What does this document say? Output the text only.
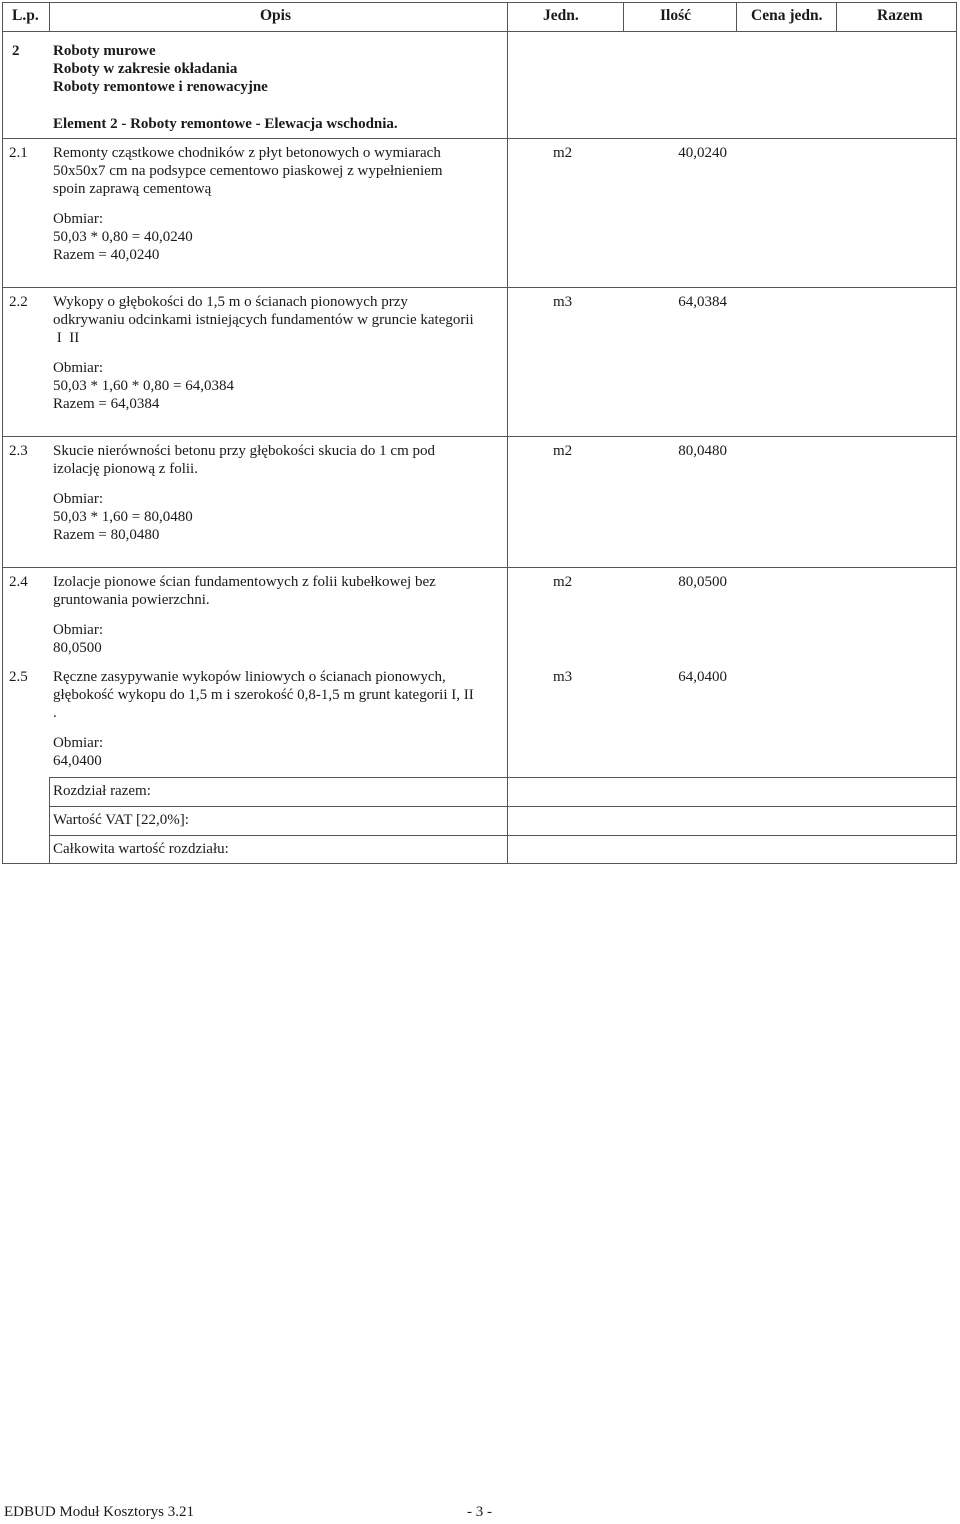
L.p.	Opis	Jedn.	Ilość	Cena jedn.	Razem
2 Roboty murowe
Roboty w zakresie okładania
Roboty remontowe i renowacyjne
Element 2 - Roboty remontowe - Elewacja wschodnia.
2.1 Remonty cząstkowe chodników z płyt betonowych o wymiarach
50x50x7 cm na podsypce cementowo piaskowej z wypełnieniem
spoin zaprawą cementową
Obmiar:
50,03 * 0,80 = 40,0240
Razem = 40,0240
m2	40,0240
2.2 Wykopy o głębokości do 1,5 m o ścianach pionowych przy
odkrywaniu odcinkami istniejących fundamentów w gruncie kategorii
I  II
Obmiar:
50,03 * 1,60 * 0,80 = 64,0384
Razem = 64,0384
m3	64,0384
2.3 Skucie nierówności betonu przy głębokości skucia do 1 cm pod
izolację pionową z folii.
Obmiar:
50,03 * 1,60 = 80,0480
Razem = 80,0480
m2	80,0480
2.4 Izolacje pionowe ścian fundamentowych z folii kubełkowej bez
gruntowania powierzchni.
Obmiar:
80,0500
m2	80,0500
2.5 Ręczne zasypywanie wykopów liniowych o ścianach pionowych,
głębokość wykopu do 1,5 m i szerokość 0,8-1,5 m grunt kategorii I, II
.
Obmiar:
64,0400
m3	64,0400
Rozdział razem:
Wartość VAT [22,0%]:
Całkowita wartość rozdziału:
EDBUD Moduł Kosztorys 3.21	- 3 -
